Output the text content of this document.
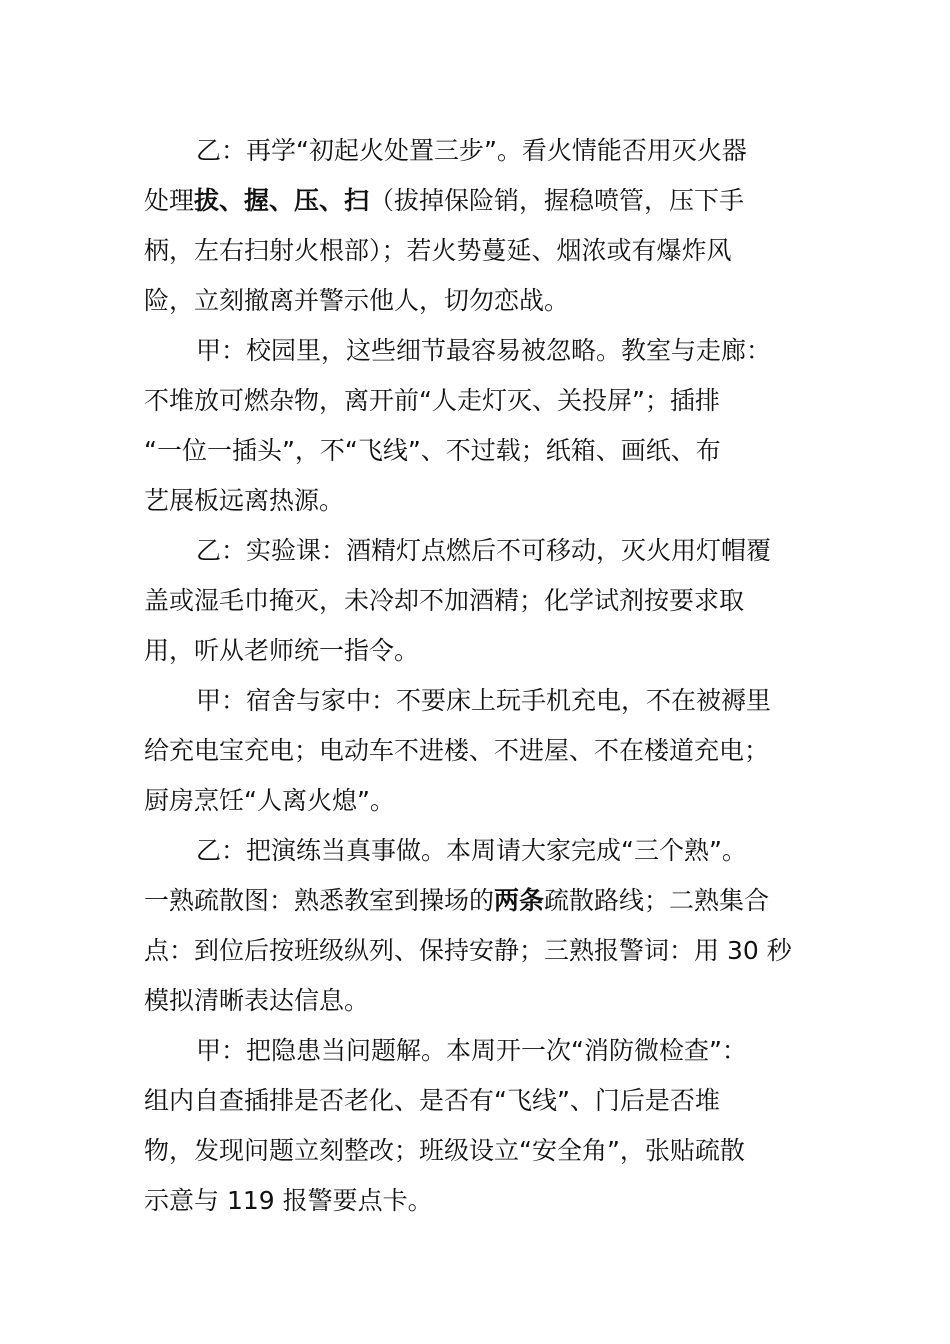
乙：再学“初起火处置三步”。看火情能否用灭火器
处理拔、握、压、扫（拔掉保险销，握稳喷管，压下手
柄，左右扫射火根部）；若火势蔓延、烟浓或有爆炸风
险，立刻撤离并警示他人，切勿恋战。
甲：校园里，这些细节最容易被忽略。教室与走廊：
不堆放可燃杂物，离开前“人走灯灭、关投屏”；插排
“一位一插头”，不“飞线”、不过载；纸箱、画纸、布
艺展板远离热源。
乙：实验课：酒精灯点燃后不可移动，灭火用灯帽覆
盖或湿毛巾掩灭，未冷却不加酒精；化学试剂按要求取
用，听从老师统一指令。
甲：宿舍与家中：不要床上玩手机充电，不在被褥里
给充电宝充电；电动车不进楼、不进屋、不在楼道充电；
厨房烹饪“人离火熄”。
乙：把演练当真事做。本周请大家完成“三个熟”。
一熟疏散图：熟悉教室到操场的两条疏散路线；二熟集合
点：到位后按班级纵列、保持安静；三熟报警词：用 30 秒
模拟清晰表达信息。
甲：把隐患当问题解。本周开一次“消防微检查”：
组内自查插排是否老化、是否有“飞线”、门后是否堆
物，发现问题立刻整改；班级设立“安全角”，张贴疏散
示意与 119 报警要点卡。
